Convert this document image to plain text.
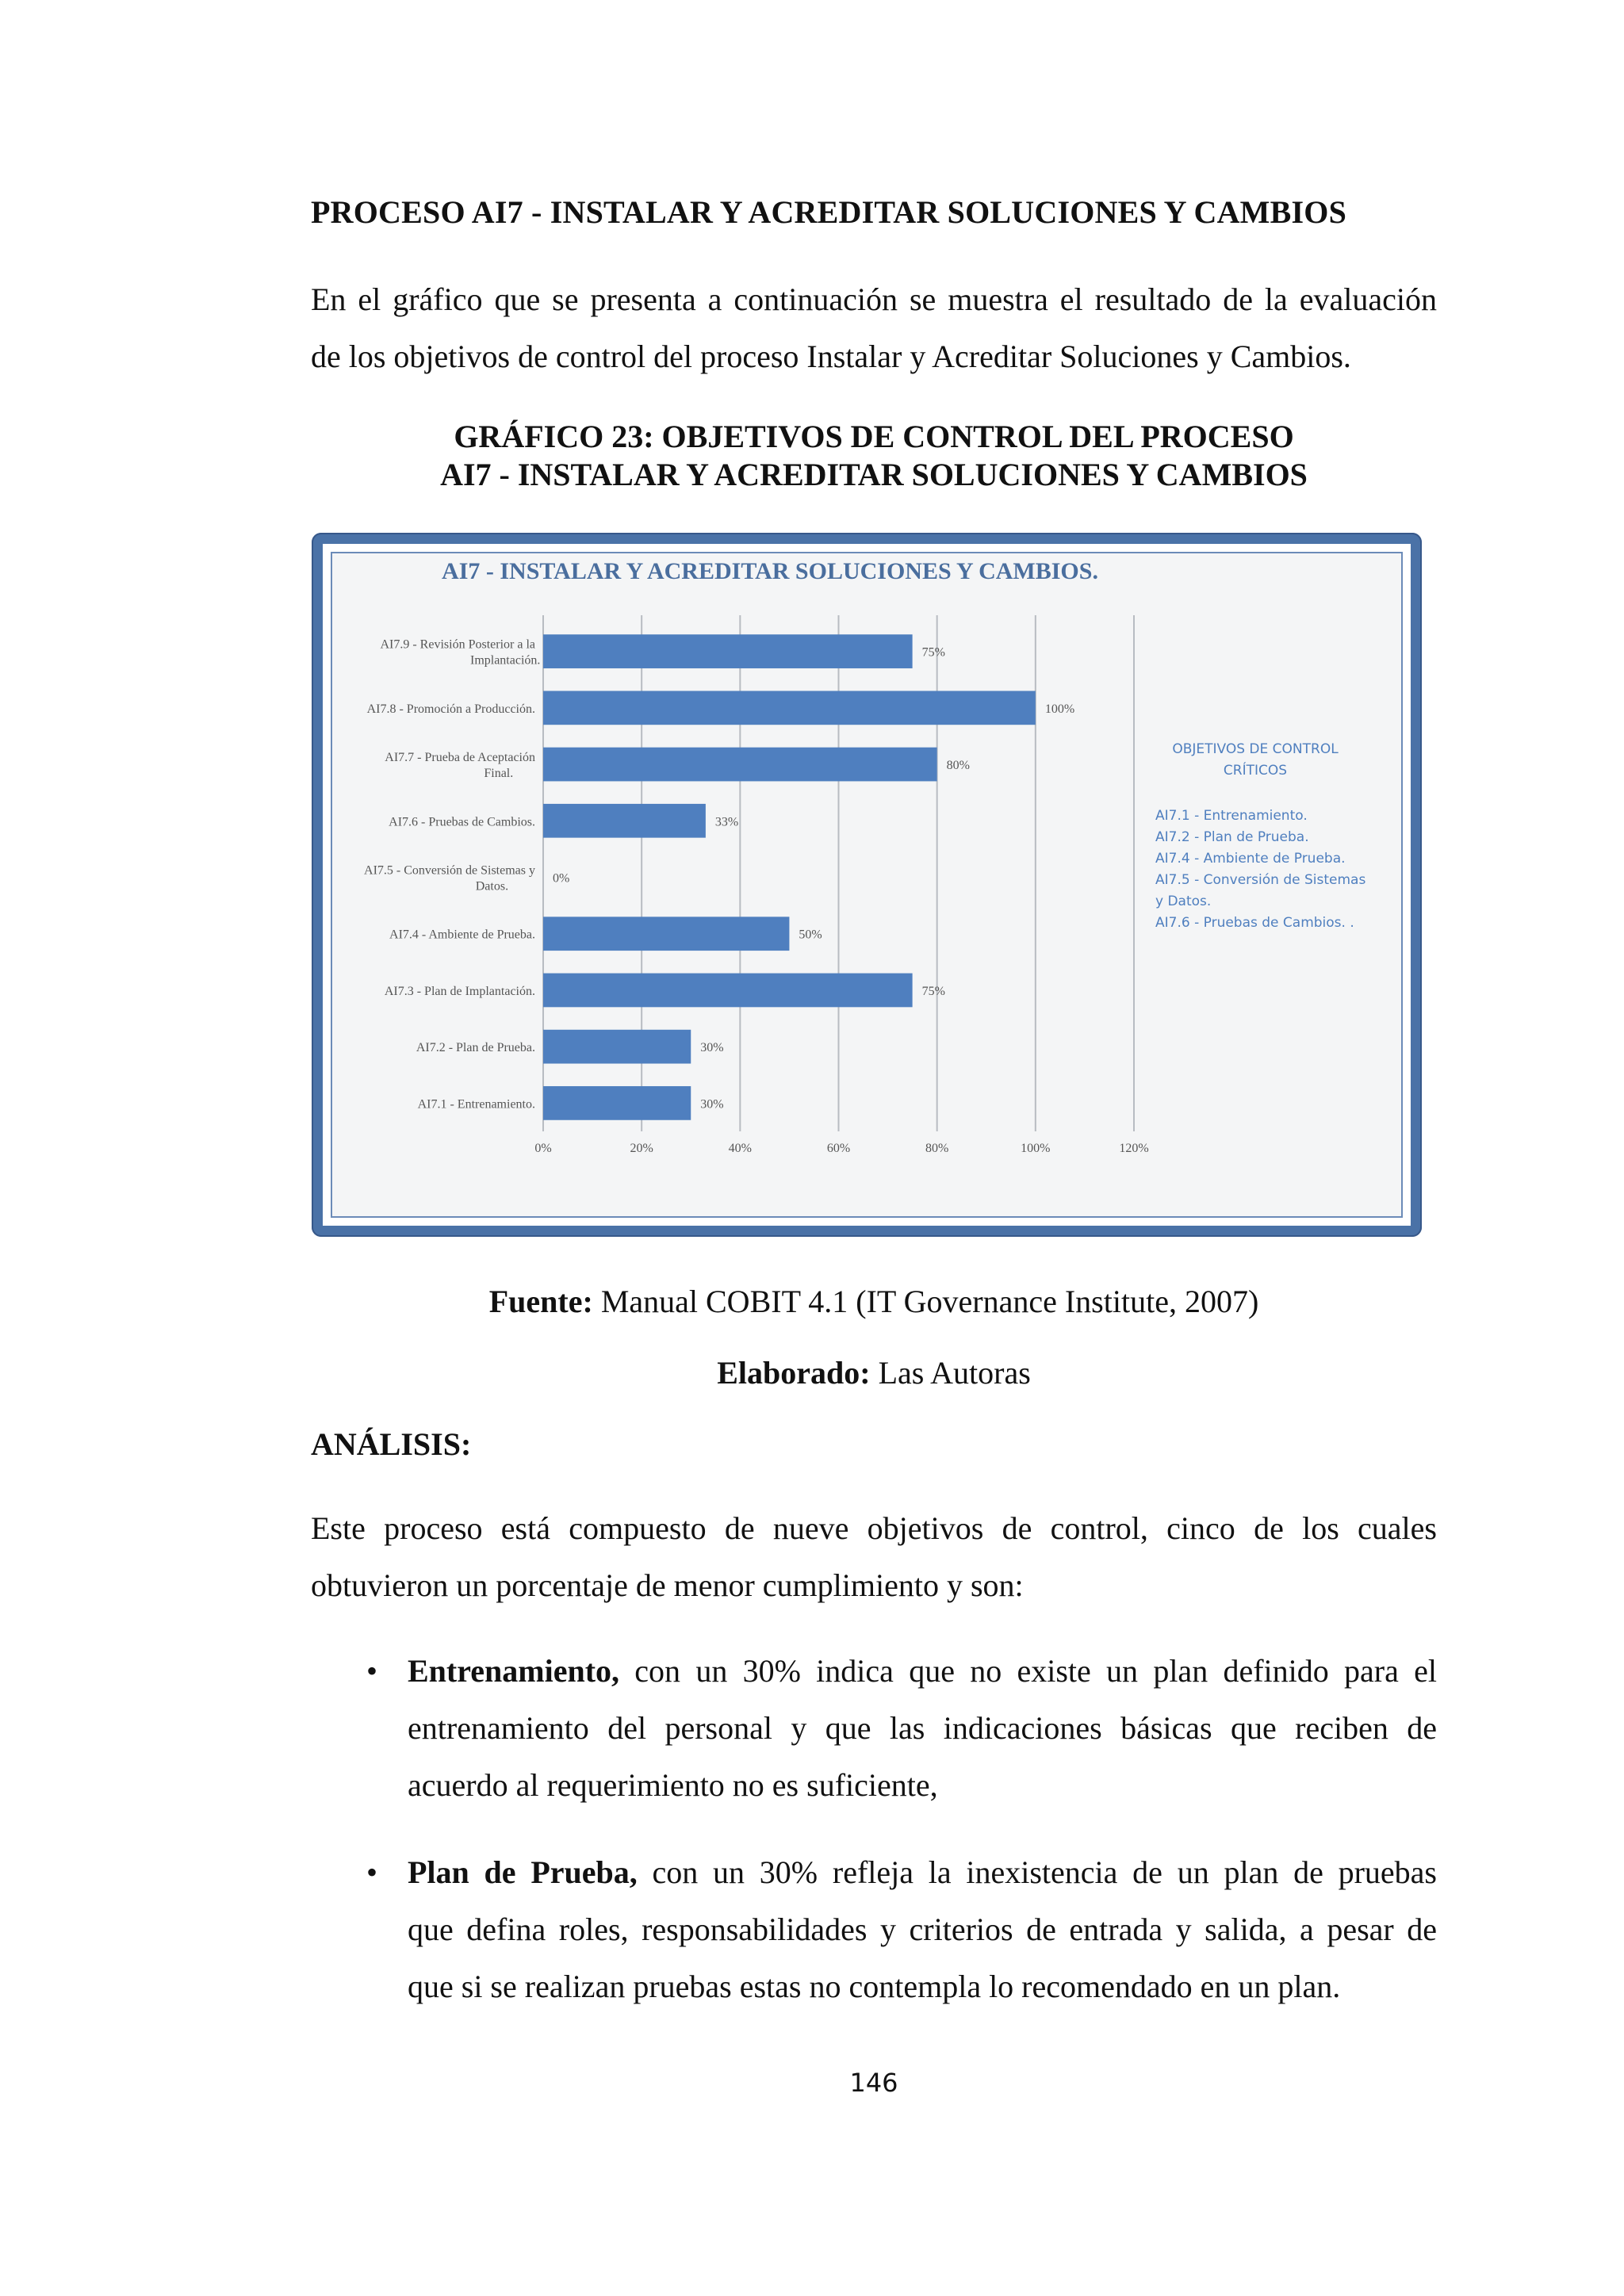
PROCESO AI7 - INSTALAR Y ACREDITAR SOLUCIONES Y CAMBIOS
En el gráfico que se presenta a continuación se muestra el resultado de la evaluación
de los objetivos de control del proceso Instalar y Acreditar Soluciones y Cambios.
GRÁFICO 23: OBJETIVOS DE CONTROL DEL PROCESO
AI7 - INSTALAR Y ACREDITAR SOLUCIONES Y CAMBIOS
AI7 - INSTALAR Y ACREDITAR SOLUCIONES Y CAMBIOS.
0%	20%	40%	60%	80%	100%	120%
75%
AI7.9 - Revisión Posterior a la
Implantación.
100%
AI7.8 - Promoción a Producción.
80%
AI7.7 - Prueba de Aceptación
Final.
33%
AI7.6 - Pruebas de Cambios.
0%
AI7.5 - Conversión de Sistemas y
Datos.
50%
AI7.4 - Ambiente de Prueba.
75%
AI7.3 - Plan de Implantación.
30%
AI7.2 - Plan de Prueba.
30%
AI7.1 - Entrenamiento.
OBJETIVOS DE CONTROL
CRÍTICOS
AI7.1 - Entrenamiento.
AI7.2 - Plan de Prueba.
AI7.4 - Ambiente de Prueba.
AI7.5 - Conversión de Sistemas
y Datos.
AI7.6 - Pruebas de Cambios. .
Fuente: Manual COBIT 4.1 (IT Governance Institute, 2007)
Elaborado: Las Autoras
ANÁLISIS:
Este proceso está compuesto de nueve objetivos de control, cinco de los cuales
obtuvieron un porcentaje de menor cumplimiento y son:
• Entrenamiento, con un 30% indica que no existe un plan definido para el
entrenamiento del personal y que las indicaciones básicas que reciben de
acuerdo al requerimiento no es suficiente,
• Plan de Prueba, con un 30% refleja la inexistencia de un plan de pruebas
que defina roles, responsabilidades y criterios de entrada y salida, a pesar de
que si se realizan pruebas estas no contempla lo recomendado en un plan.
146
